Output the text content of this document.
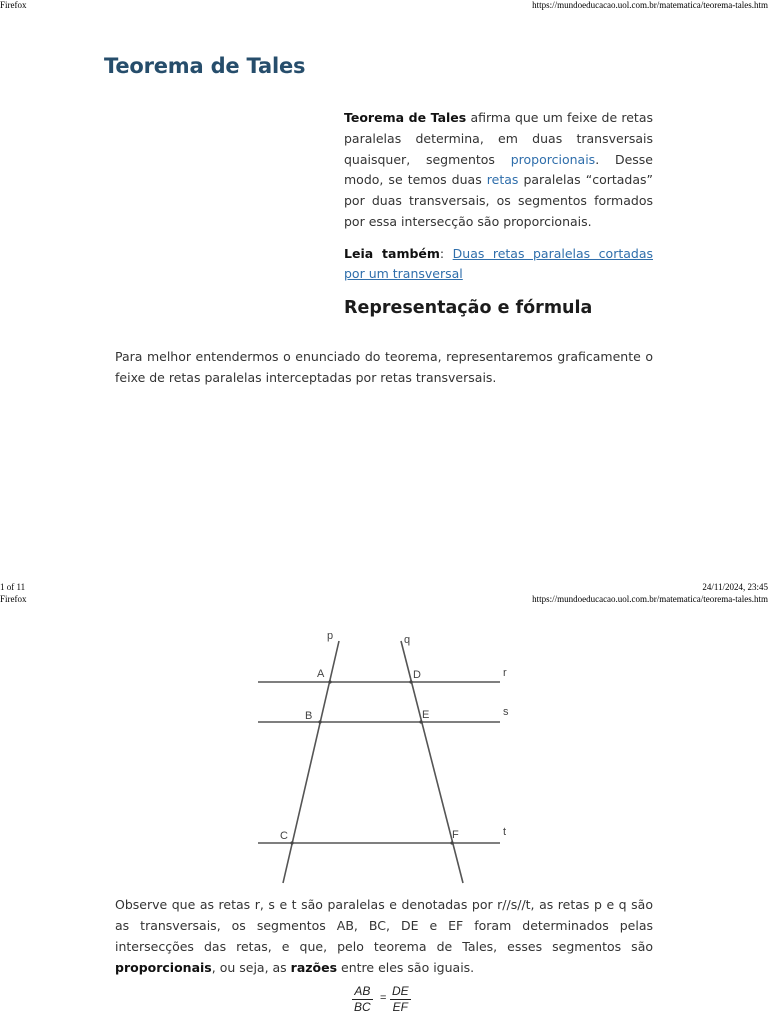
Firefox	https://mundoeducacao.uol.com.br/matematica/teorema-tales.htm
Teorema de Tales

Teorema de Tales afirma que um feixe de retas paralelas determina, em duas transversais quaisquer, segmentos proporcionais. Desse modo, se temos duas retas paralelas “cortadas” por duas transversais, os segmentos formados por essa intersecção são proporcionais.

Leia também: Duas retas paralelas cortadas por um transversal

Representação e fórmula

Para melhor entendermos o enunciado do teorema, representaremos graficamente o feixe de retas paralelas interceptadas por retas transversais.

1 of 11	24/11/2024, 23:45
Firefox	https://mundoeducacao.uol.com.br/matematica/teorema-tales.htm
p	q
r
s
t
A
B
C
D
E
F

Observe que as retas r, s e t são paralelas e denotadas por r//s//t, as retas p e q são as transversais, os segmentos AB, BC, DE e EF foram determinados pelas intersecções das retas, e que, pelo teorema de Tales, esses segmentos são proporcionais, ou seja, as razões entre eles são iguais.

$\frac{AB}{BC} = \frac{DE}{EF}$
